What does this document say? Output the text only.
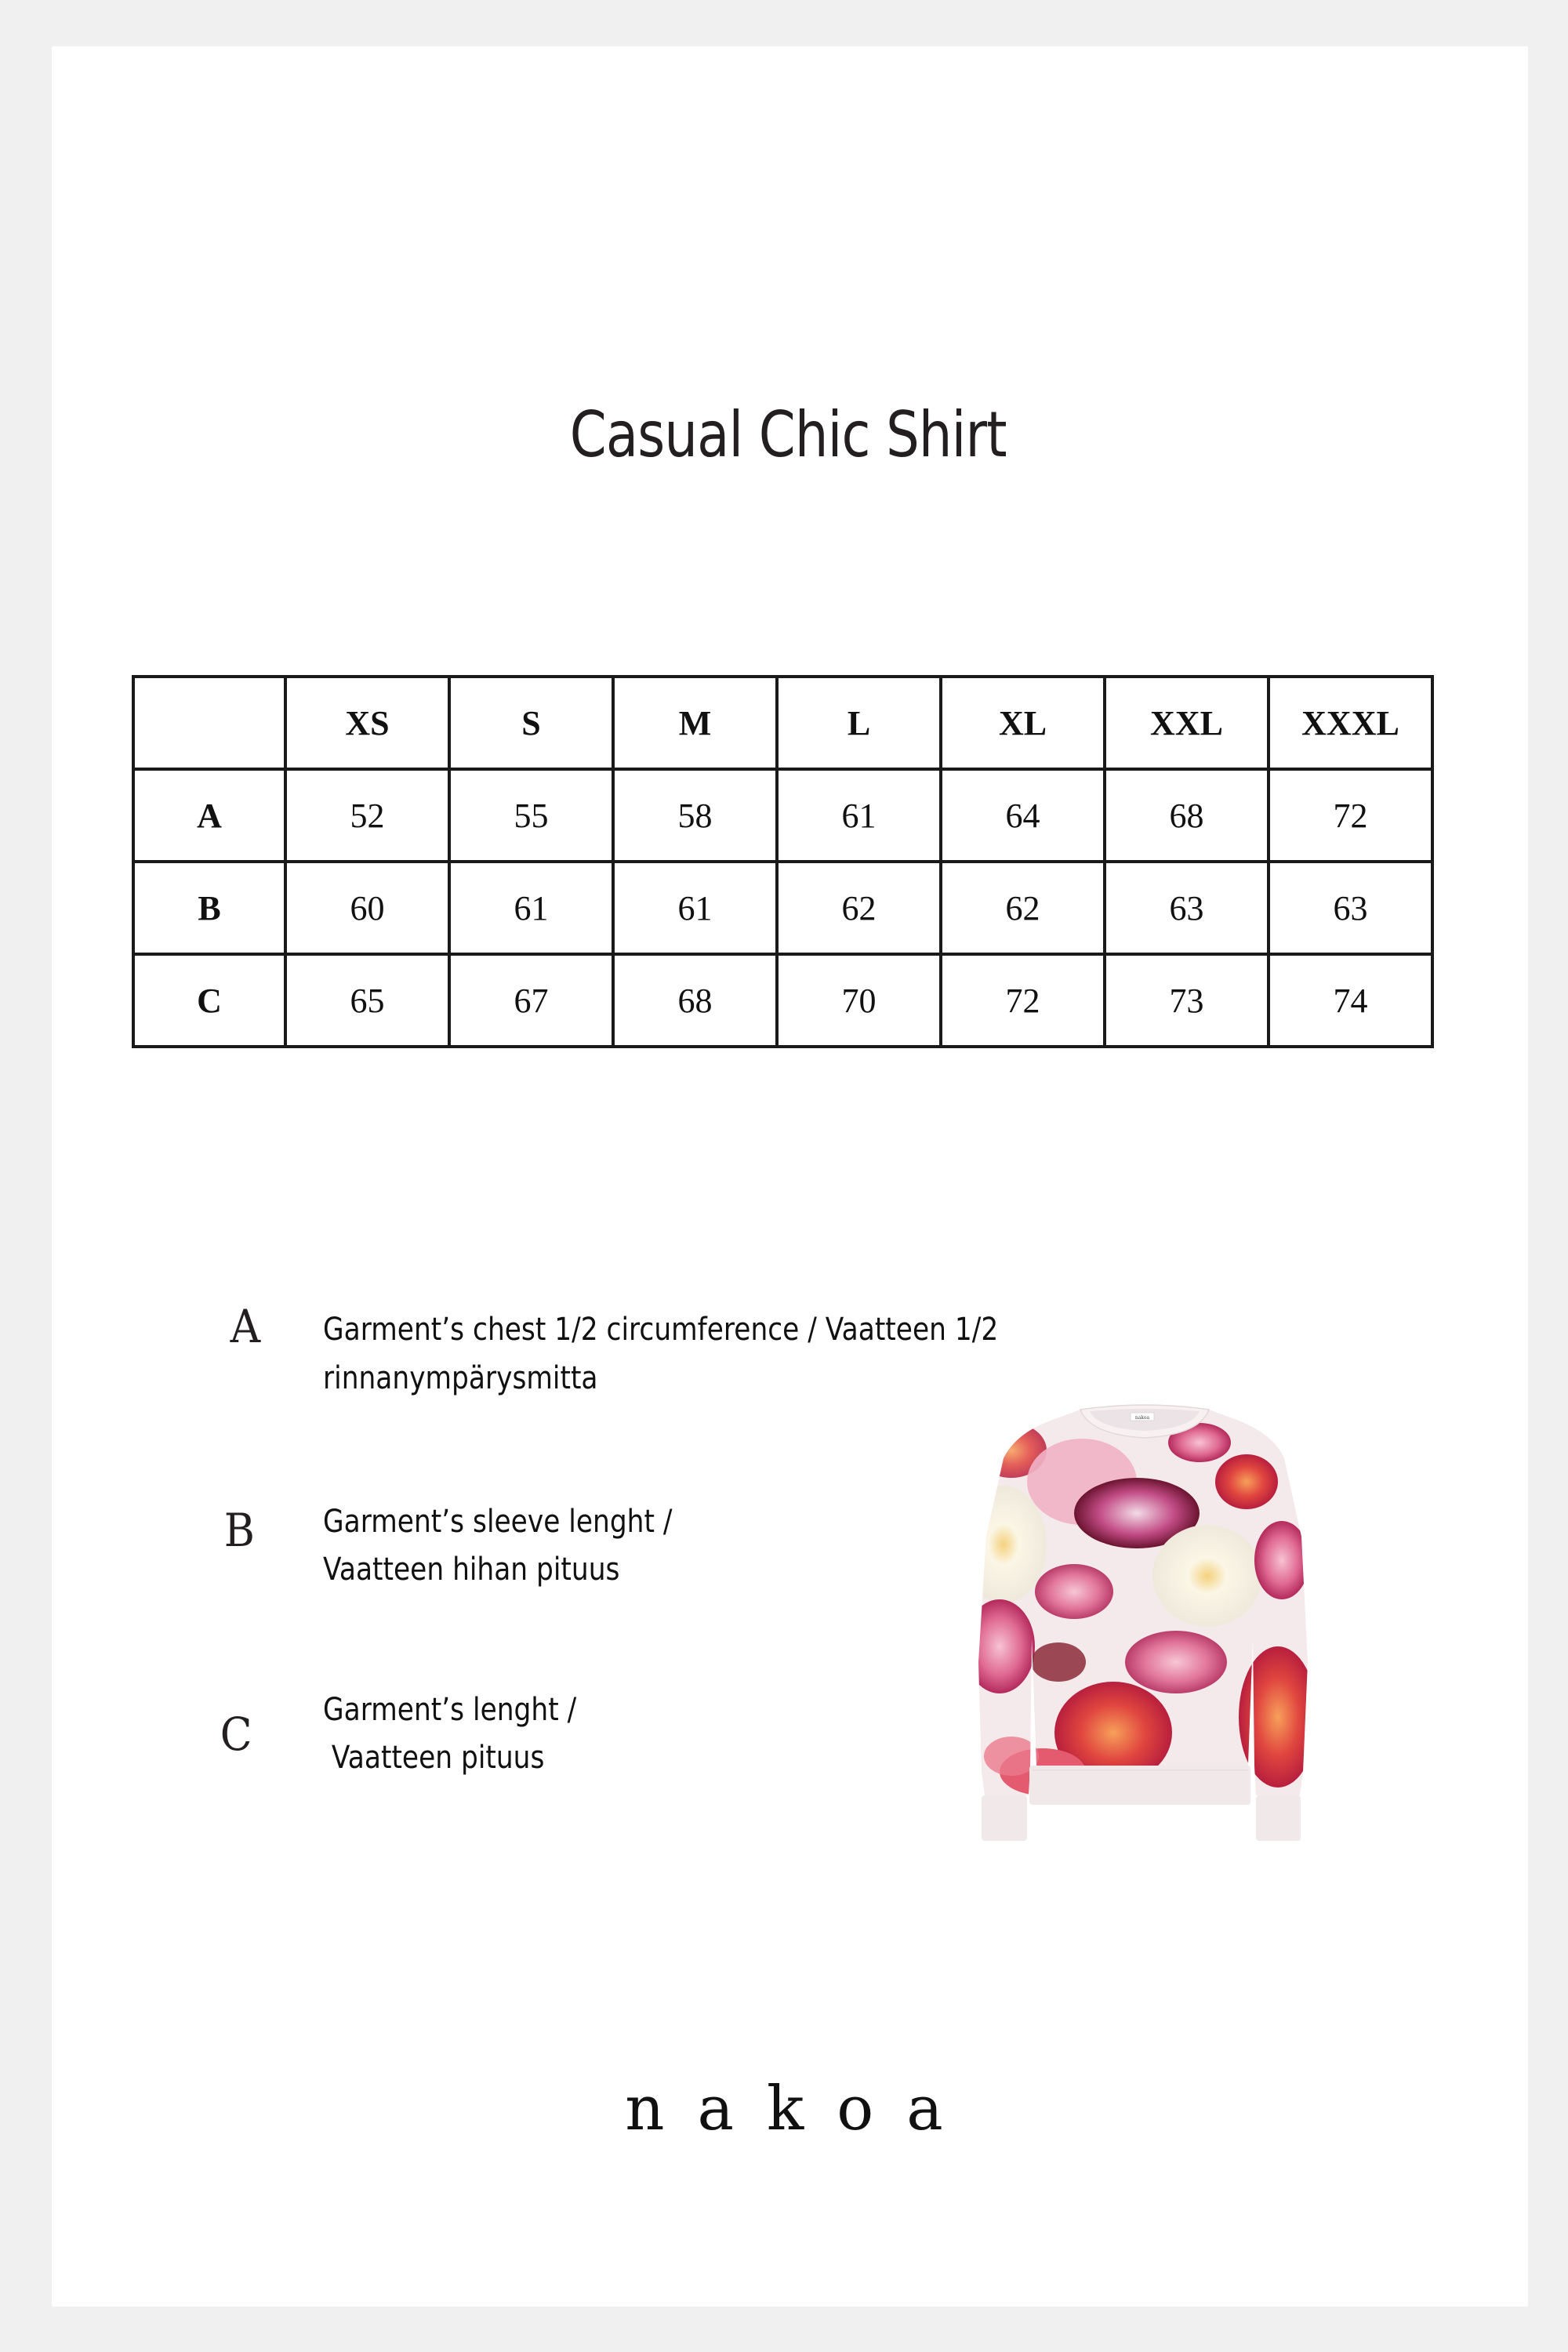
Casual Chic Shirt
	XS	S	M	L	XL	XXL	XXXL
A	52	55	58	61	64	68	72
B	60	61	61	62	62	63	63
C	65	67	68	70	72	73	74
A Garment’s chest 1/2 circumference / Vaatteen 1/2
rinnanympärysmitta
B Garment’s sleeve lenght /
Vaatteen hihan pituus
C Garment’s lenght /
Vaatteen pituus
nakoa
nakoa
